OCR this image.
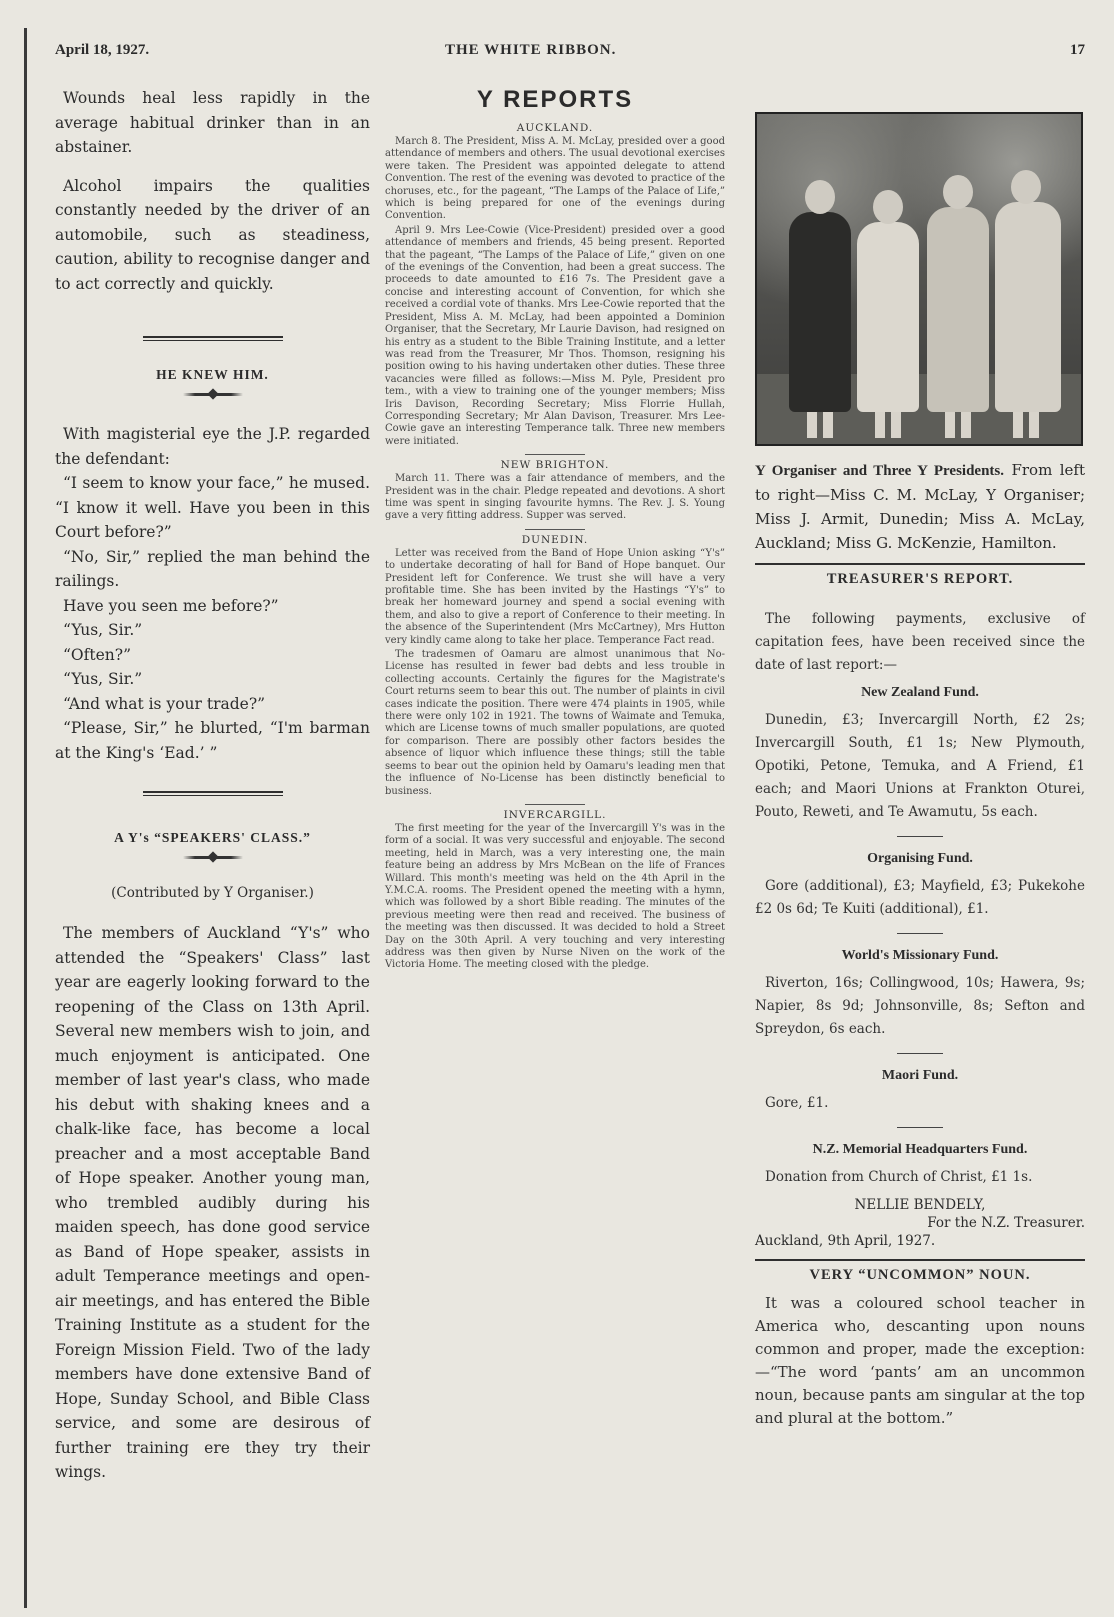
April 18, 1927.	THE WHITE RIBBON.	17

Wounds heal less rapidly in the average habitual drinker than in an abstainer.

Alcohol impairs the qualities constantly needed by the driver of an automobile, such as steadiness, caution, ability to recognise danger and to act correctly and quickly.

HE KNEW HIM.

With magisterial eye the J.P. regarded the defendant:

“I seem to know your face,” he mused. “I know it well. Have you been in this Court before?”

“No, Sir,” replied the man behind the railings.

Have you seen me before?”

“Yus, Sir.”

“Often?”

“Yus, Sir.”

“And what is your trade?”

“Please, Sir,” he blurted, “I'm barman at the King's ‘Ead.’ ”

A Y's “SPEAKERS' CLASS.”
(Contributed by Y Organiser.)

The members of Auckland “Y's” who attended the “Speakers' Class” last year are eagerly looking forward to the reopening of the Class on 13th April. Several new members wish to join, and much enjoyment is anticipated. One member of last year's class, who made his debut with shaking knees and a chalk-like face, has become a local preacher and a most acceptable Band of Hope speaker. Another young man, who trembled audibly during his maiden speech, has done good service as Band of Hope speaker, assists in adult Temperance meetings and open-air meetings, and has entered the Bible Training Institute as a student for the Foreign Mission Field. Two of the lady members have done extensive Band of Hope, Sunday School, and Bible Class service, and some are desirous of further training ere they try their wings.

Y REPORTS
AUCKLAND.

March 8. The President, Miss A. M. McLay, presided over a good attendance of members and others. The usual devotional exercises were taken. The President was appointed delegate to attend Convention. The rest of the evening was devoted to practice of the choruses, etc., for the pageant, “The Lamps of the Palace of Life,” which is being prepared for one of the evenings during Convention.

April 9. Mrs Lee-Cowie (Vice-President) presided over a good attendance of members and friends, 45 being present. Reported that the pageant, “The Lamps of the Palace of Life,” given on one of the evenings of the Convention, had been a great success. The proceeds to date amounted to £16 7s. The President gave a concise and interesting account of Convention, for which she received a cordial vote of thanks. Mrs Lee-Cowie reported that the President, Miss A. M. McLay, had been appointed a Dominion Organiser, that the Secretary, Mr Laurie Davison, had resigned on his entry as a student to the Bible Training Institute, and a letter was read from the Treasurer, Mr Thos. Thomson, resigning his position owing to his having undertaken other duties. These three vacancies were filled as follows:—Miss M. Pyle, President pro tem., with a view to training one of the younger members; Miss Iris Davison, Recording Secretary; Miss Florrie Hullah, Corresponding Secretary; Mr Alan Davison, Treasurer. Mrs Lee-Cowie gave an interesting Temperance talk. Three new members were initiated.

NEW BRIGHTON.

March 11. There was a fair attendance of members, and the President was in the chair. Pledge repeated and devotions. A short time was spent in singing favourite hymns. The Rev. J. S. Young gave a very fitting address. Supper was served.

DUNEDIN.

Letter was received from the Band of Hope Union asking “Y's” to undertake decorating of hall for Band of Hope banquet. Our President left for Conference. We trust she will have a very profitable time. She has been invited by the Hastings “Y's” to break her homeward journey and spend a social evening with them, and also to give a report of Conference to their meeting. In the absence of the Superintendent (Mrs McCartney), Mrs Hutton very kindly came along to take her place. Temperance Fact read.

The tradesmen of Oamaru are almost unanimous that No-License has resulted in fewer bad debts and less trouble in collecting accounts. Certainly the figures for the Magistrate's Court returns seem to bear this out. The number of plaints in civil cases indicate the position. There were 474 plaints in 1905, while there were only 102 in 1921. The towns of Waimate and Temuka, which are License towns of much smaller populations, are quoted for comparison. There are possibly other factors besides the absence of liquor which influence these things; still the table seems to bear out the opinion held by Oamaru's leading men that the influence of No-License has been distinctly beneficial to business.

INVERCARGILL.

The first meeting for the year of the Invercargill Y's was in the form of a social. It was very successful and enjoyable. The second meeting, held in March, was a very interesting one, the main feature being an address by Mrs McBean on the life of Frances Willard. This month's meeting was held on the 4th April in the Y.M.C.A. rooms. The President opened the meeting with a hymn, which was followed by a short Bible reading. The minutes of the previous meeting were then read and received. The business of the meeting was then discussed. It was decided to hold a Street Day on the 30th April. A very touching and very interesting address was then given by Nurse Niven on the work of the Victoria Home. The meeting closed with the pledge.

Y Organiser and Three Y Presidents. From left to right—Miss C. M. McLay, Y Organiser; Miss J. Armit, Dunedin; Miss A. McLay, Auckland; Miss G. McKenzie, Hamilton.
TREASURER'S REPORT.

The following payments, exclusive of capitation fees, have been received since the date of last report:—

New Zealand Fund.

Dunedin, £3; Invercargill North, £2 2s; Invercargill South, £1 1s; New Plymouth, Opotiki, Petone, Temuka, and A Friend, £1 each; and Maori Unions at Frankton Oturei, Pouto, Reweti, and Te Awamutu, 5s each.

Organising Fund.

Gore (additional), £3; Mayfield, £3; Pukekohe £2 0s 6d; Te Kuiti (additional), £1.

World's Missionary Fund.

Riverton, 16s; Collingwood, 10s; Hawera, 9s; Napier, 8s 9d; Johnsonville, 8s; Sefton and Spreydon, 6s each.

Maori Fund.

Gore, £1.

N.Z. Memorial Headquarters Fund.

Donation from Church of Christ, £1 1s.

NELLIE BENDELY,
For the N.Z. Treasurer.
Auckland, 9th April, 1927.
VERY “UNCOMMON” NOUN.

It was a coloured school teacher in America who, descanting upon nouns common and proper, made the exception:—“The word ‘pants’ am an uncommon noun, because pants am singular at the top and plural at the bottom.”
